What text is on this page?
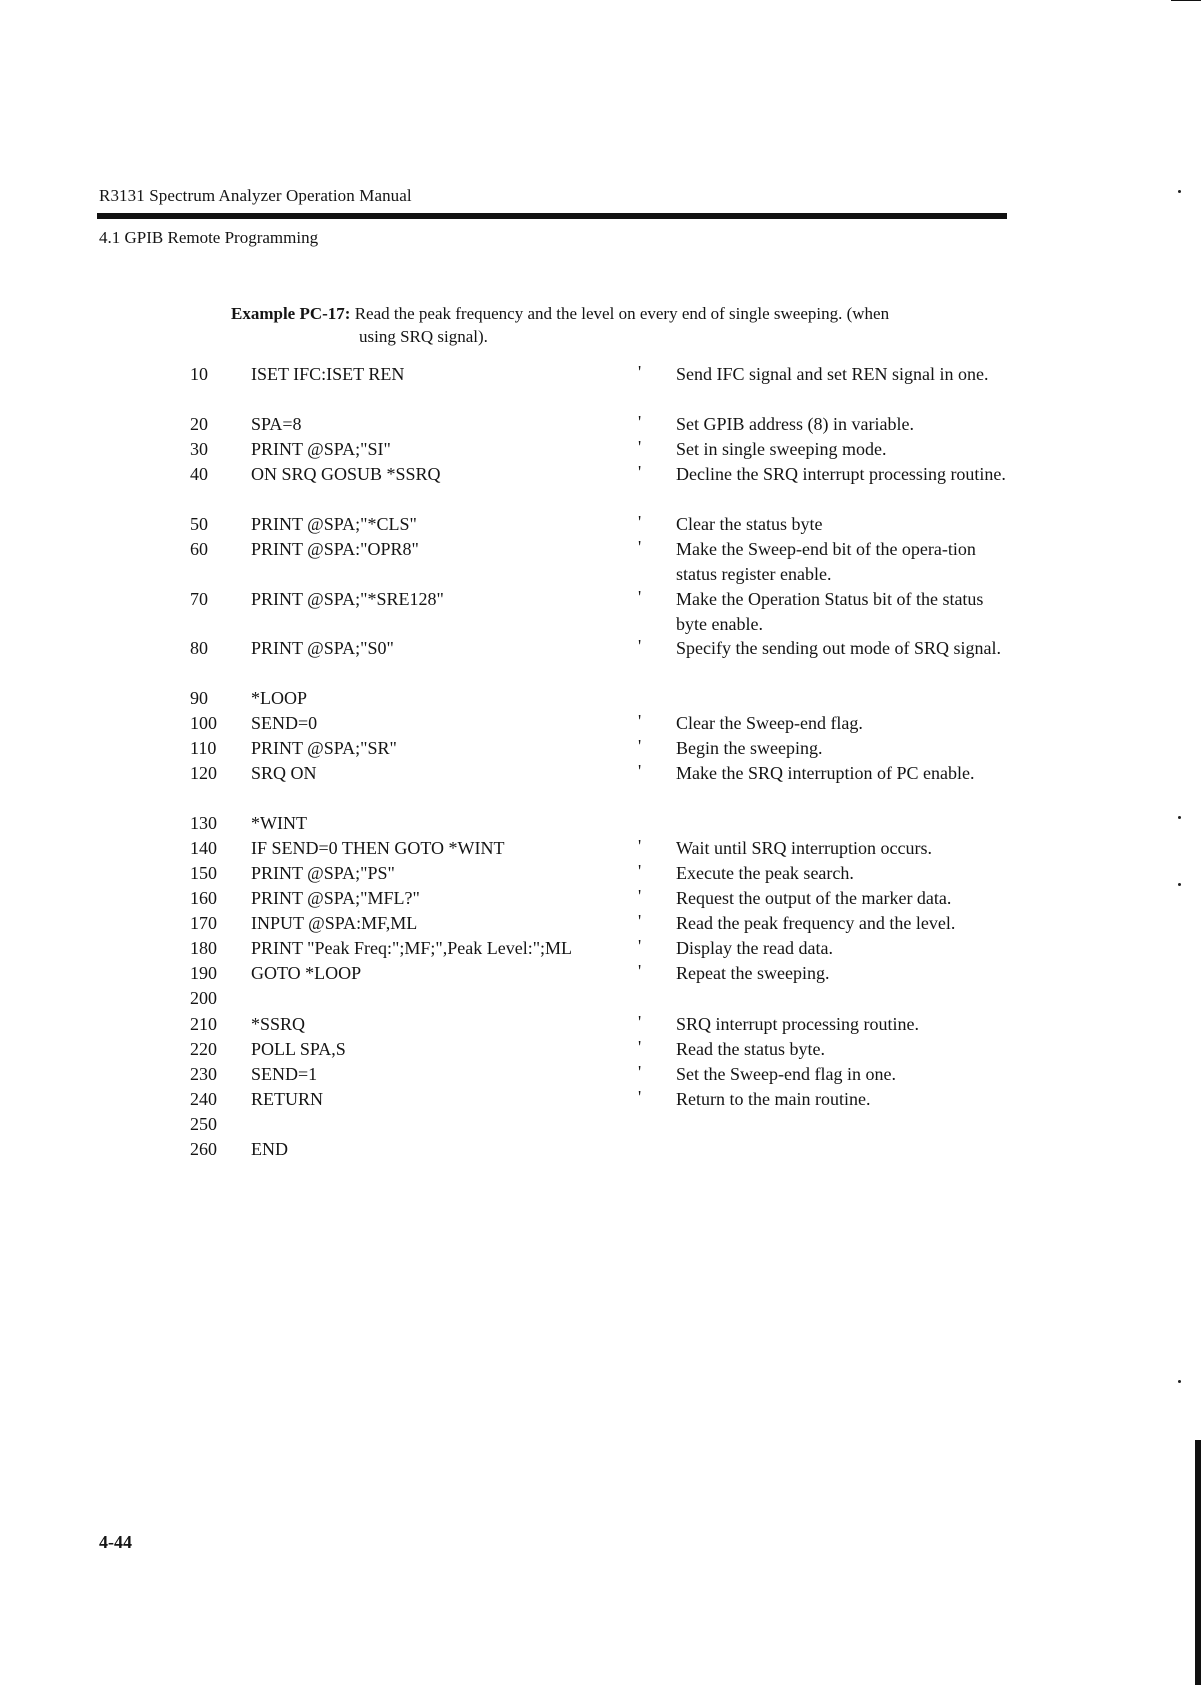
R3131 Spectrum Analyzer Operation Manual
4.1 GPIB Remote Programming
Example PC-17: Read the peak frequency and the level on every end of single sweeping. (when
using SRQ signal).
10 ISET IFC:ISET REN	' Send IFC signal and set REN signal in one.
20 SPA=8	' Set GPIB address (8) in variable.
30 PRINT @SPA;"SI"	' Set in single sweeping mode.
40 ON SRQ GOSUB *SSRQ	' Decline the SRQ interrupt processing routine.
50 PRINT @SPA;"*CLS"	' Clear the status byte
60 PRINT @SPA:"OPR8"	' Make the Sweep-end bit of the opera-tion status register enable.
70 PRINT @SPA;"*SRE128"	' Make the Operation Status bit of the status byte enable.
80 PRINT @SPA;"S0"	' Specify the sending out mode of SRQ signal.
90 *LOOP
100 SEND=0	' Clear the Sweep-end flag.
110 PRINT @SPA;"SR"	' Begin the sweeping.
120 SRQ ON	' Make the SRQ interruption of PC enable.
130 *WINT
140 IF SEND=0 THEN GOTO *WINT	' Wait until SRQ interruption occurs.
150 PRINT @SPA;"PS"	' Execute the peak search.
160 PRINT @SPA;"MFL?"	' Request the output of the marker data.
170 INPUT @SPA:MF,ML	' Read the peak frequency and the level.
180 PRINT "Peak Freq:";MF;",Peak Level:";ML	' Display the read data.
190 GOTO *LOOP	' Repeat the sweeping.
200
210 *SSRQ	' SRQ interrupt processing routine.
220 POLL SPA,S	' Read the status byte.
230 SEND=1	' Set the Sweep-end flag in one.
240 RETURN	' Return to the main routine.
250
260 END
4-44
